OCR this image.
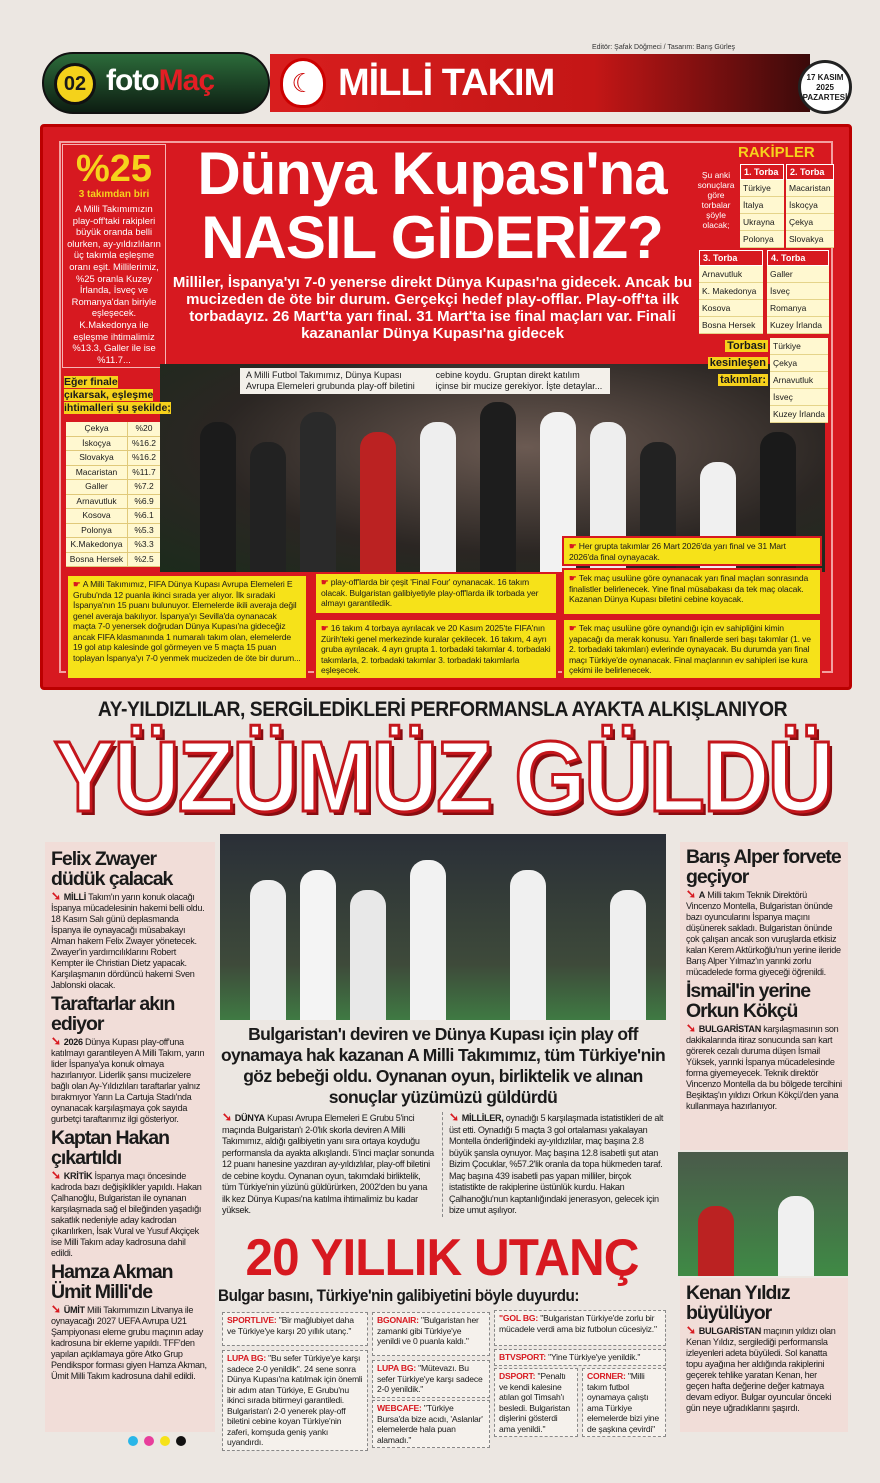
Editör: Şafak Döğmeci / Tasarım: Barış Gürleş
02 fotoMaç	☾ MİLLİ TAKIM	17 KASIM
2025
PAZARTESİ
%25
3 takımdan biri
A Milli Takımımızın play-off'taki rakipleri büyük oranda belli olurken, ay-yıldızlıların üç takımla eşleşme oranı eşit. Millilerimiz, %25 oranla Kuzey İrlanda, İsveç ve Romanya'dan biriyle eşleşecek. K.Makedonya ile eşleşme ihtimalimiz %13.3, Galler ile ise %11.7...
Dünya Kupası'na
NASIL GİDERİZ?
Milliler, İspanya'yı 7-0 yenerse direkt Dünya Kupası'na gidecek. Ancak bu mucizeden de öte bir durum. Gerçekçi hedef play-offlar. Play-off'ta ilk torbadayız. 26 Mart'ta yarı final. 31 Mart'ta ise final maçları var. Finali kazananlar Dünya Kupası'na gidecek
RAKİPLER
Şu anki sonuçlara göre torbalar şöyle olacak;
1. Torba
Türkiye
İtalya
Ukrayna
Polonya
2. Torba
Macaristan
İskoçya
Çekya
Slovakya
3. Torba
Arnavutluk
K. Makedonya
Kosova
Bosna Hersek
4. Torba
Galler
İsveç
Romanya
Kuzey İrlanda
A Milli Futbol Takımımız, Dünya Kupası Avrupa Elemeleri grubunda play-off biletini
cebine koydu. Gruptan direkt katılım içinse bir mucize gerekiyor. İşte detaylar...
Torbası
kesinleşen
takımlar:
Türkiye
Çekya
Arnavutluk
İsveç
Kuzey İrlanda
Eğer finale
çıkarsak, eşleşme
ihtimalleri şu şekilde;
Çekya	%20
İskoçya	%16.2
Slovakya	%16.2
Macaristan	%11.7
Galler	%7.2
Arnavutluk	%6.9
Kosova	%6.1
Polonya	%5.3
K.Makedonya	%3.3
Bosna Hersek	%2.5
☛ A Milli Takımımız, FIFA Dünya Kupası Avrupa Elemeleri E Grubu'nda 12 puanla ikinci sırada yer alıyor. İlk sıradaki İspanya'nın 15 puanı bulunuyor. Elemelerde ikili averaja değil genel averaja bakılıyor. İspanya'yı Sevilla'da oynanacak maçta 7-0 yenersek doğrudan Dünya Kupası'na gideceğiz ancak FIFA klasmanında 1 numaralı takım olan, elemelerde 19 gol atıp kalesinde gol görmeyen ve 5 maçta 15 puan toplayan İspanya'yı 7-0 yenmek mucizeden de öte bir durum...
☛ play-off'larda bir çeşit 'Final Four' oynanacak. 16 takım olacak. Bulgaristan galibiyetiyle play-off'larda ilk torbada yer almayı garantiledik.
☛ 16 takım 4 torbaya ayrılacak ve 20 Kasım 2025'te FIFA'nın Zürih'teki genel merkezinde kuralar çekilecek. 16 takım, 4 ayrı gruba ayrılacak. 4 ayrı grupta 1. torbadaki takımlar 4. torbadaki takımlarla, 2. torbadaki takımlar 3. torbadaki takımlarla eşleşecek.
☛ Her grupta takımlar 26 Mart 2026'da yarı final ve 31 Mart 2026'da final oynayacak.
☛ Tek maç usulüne göre oynanacak yarı final maçları sonrasında finalistler belirlenecek. Yine final müsabakası da tek maç olacak. Kazanan Dünya Kupası biletini cebine koyacak.
☛ Tek maç usulüne göre oynandığı için ev sahipliğini kimin yapacağı da merak konusu. Yarı finallerde seri başı takımlar (1. ve 2. torbadaki takımları) evlerinde oynayacak. Bu durumda yarı final maçı Türkiye'de oynanacak. Final maçlarının ev sahipleri ise kura çekimi ile belirlenecek.
AY-YILDIZLILAR, SERGİLEDİKLERİ PERFORMANSLA AYAKTA ALKIŞLANIYOR
YÜZÜMÜZ GÜLDÜ
Felix Zwayer düdük çalacak
➘ MİLLİ Takım'ın yarın konuk olacağı İspanya mücadelesinin hakemi belli oldu. 18 Kasım Salı günü deplasmanda İspanya ile oynayacağı müsabakayı Alman hakem Felix Zwayer yönetecek. Zwayer'in yardımcılıklarını Robert Kempter ile Christian Dietz yapacak. Karşılaşmanın dördüncü hakemi Sven Jablonski olacak.
Taraftarlar akın ediyor
➘ 2026 Dünya Kupası play-off'una katılmayı garantileyen A Milli Takım, yarın lider İspanya'ya konuk olmaya hazırlanıyor. Liderlik şansı mucizelere bağlı olan Ay-Yıldızlıları taraftarlar yalnız bırakmıyor Yarın La Cartuja Stadı'nda oynanacak karşılaşmaya çok sayıda gurbetçi taraftarımız ilgi gösteriyor.
Kaptan Hakan çıkartıldı
➘ KRİTİK İspanya maçı öncesinde kadroda bazı değişiklikler yapıldı. Hakan Çalhanoğlu, Bulgaristan ile oynanan karşılaşmada sağ el bileğinden yaşadığı sakatlık nedeniyle aday kadrodan çıkarılırken, İsak Vural ve Yusuf Akçiçek ise Milli Takım aday kadrosuna dahil edildi.
Hamza Akman Ümit Milli'de
➘ ÜMİT Milli Takımımızın Litvanya ile oynayacağı 2027 UEFA Avrupa U21 Şampiyonası eleme grubu maçının aday kadrosuna bir ekleme yapıldı. TFF'den yapılan açıklamaya göre Atko Grup Pendikspor forması giyen Hamza Akman, Ümit Milli Takım kadrosuna dahil edildi.
Barış Alper forvete geçiyor
➘ A Milli takım Teknik Direktörü Vincenzo Montella, Bulgaristan önünde bazı oyuncularını İspanya maçını düşünerek sakladı. Bulgaristan önünde çok çalışan ancak son vuruşlarda etkisiz kalan Kerem Aktürkoğlu'nun yerine ileride Barış Alper Yılmaz'ın yarınki zorlu mücadelede forma giyeceği öğrenildi.
İsmail'in yerine Orkun Kökçü
➘ BULGARİSTAN karşılaşmasının son dakikalarında itiraz sonucunda sarı kart görerek cezalı duruma düşen İsmail Yüksek, yarınki İspanya mücadelesinde forma giyemeyecek. Teknik direktör Vincenzo Montella da bu bölgede tercihini Beşiktaş'ın yıldızı Orkun Kökçü'den yana kullanmaya hazırlanıyor.
Kenan Yıldız büyülüyor
➘ BULGARİSTAN maçının yıldızı olan Kenan Yıldız, sergilediği performansla izleyenleri adeta büyüledi. Sol kanatta topu ayağına her aldığında rakiplerini geçerek tehlike yaratan Kenan, her geçen hafta değerine değer katmaya devam ediyor. Bulgar oyuncular önceki gün neye uğradıklarını şaşırdı.
Bulgaristan'ı deviren ve Dünya Kupası için play off oynamaya hak kazanan A Milli Takımımız, tüm Türkiye'nin göz bebeği oldu. Oynanan oyun, birliktelik ve alınan sonuçlar yüzümüzü güldürdü
➘ DÜNYA Kupası Avrupa Elemeleri E Grubu 5'inci maçında Bulgaristan'ı 2-0'lık skorla deviren A Milli Takımımız, aldığı galibiyetin yanı sıra ortaya koyduğu performansla da ayakta alkışlandı. 5'inci maçlar sonunda 12 puanı hanesine yazdıran ay-yıldızlılar, play-off biletini de cebine koydu. Oynanan oyun, takımdaki birliktelik, tüm Türkiye'nin yüzünü güldürürken, 2002'den bu yana ilk kez Dünya Kupası'na katılma ihtimalimiz bu kadar yüksek.
➘ MİLLİLER, oynadığı 5 karşılaşmada istatistikleri de alt üst etti. Oynadığı 5 maçta 3 gol ortalaması yakalayan Montella önderliğindeki ay-yıldızlılar, maç başına 2.8 büyük şansla oynuyor. Maç başına 12.8 isabetli şut atan Bizim Çocuklar, %57.2'lik oranla da topa hükmeden taraf. Maç başına 439 isabetli pas yapan milliler, birçok istatistikte de rakiplerine üstünlük kurdu. Hakan Çalhanoğlu'nun kaptanlığındaki jenerasyon, gelecek için bize umut aşılıyor.
20 YILLIK UTANÇ
Bulgar basını, Türkiye'nin galibiyetini böyle duyurdu:
SPORTLIVE: "Bir mağlubiyet daha ve Türkiye'ye karşı 20 yıllık utanç."
LUPA BG: "Bu sefer Türkiye'ye karşı sadece 2-0 yenildik". 24 sene sonra Dünya Kupası'na katılmak için önemli bir adım atan Türkiye, E Grubu'nu ikinci sırada bitirmeyi garantiledi. Bulgaristan'ı 2-0 yenerek play-off biletini cebine koyan Türkiye'nin zaferi, komşuda geniş yankı uyandırdı.
BGONAIR: "Bulgaristan her zamanki gibi Türkiye'ye yenildi ve 0 puanla kaldı."
LUPA BG: "Mütevazı. Bu sefer Türkiye'ye karşı sadece 2-0 yenildik."
WEBCAFE: "Türkiye Bursa'da bize acıdı, 'Aslanlar' elemelerde hala puan alamadı."
"GOL BG: "Bulgaristan Türkiye'de zorlu bir mücadele verdi ama biz futbolun cücesiyiz."
BTVSPORT: "Yine Türkiye'ye yenildik."
DSPORT: "Penaltı ve kendi kalesine atılan gol Timsah'ı besledi. Bulgaristan dişlerini gösterdi ama yenildi."
CORNER: "Milli takım futbol oynamaya çalıştı ama Türkiye elemelerde bizi yine de şaşkına çevirdi"
